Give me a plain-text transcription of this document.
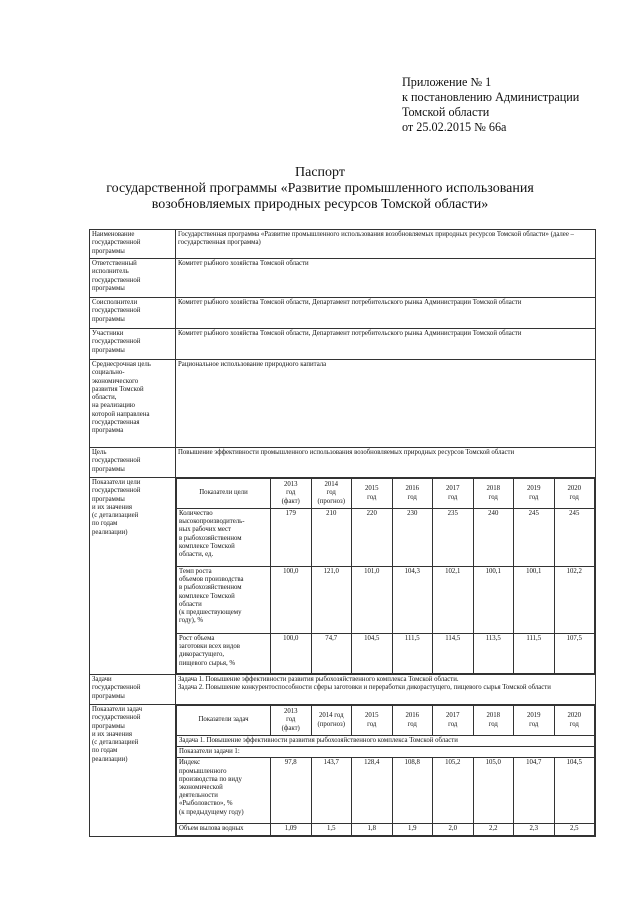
Приложение № 1
к постановлению Администрации
Томской области
от 25.02.2015 № 66а
Паспорт
государственной программы «Развитие промышленного использования
возобновляемых природных ресурсов Томской области»
Наименование
государственной
программы	Государственная программа «Развитие промышленного использования возобновляемых природных ресурсов Томской области» (далее – государственная программа)
Ответственный
исполнитель
государственной
программы	Комитет рыбного хозяйства Томской области
Соисполнители
государственной
программы	Комитет рыбного хозяйства Томской области, Департамент потребительского рынка Администрации Томской области
Участники
государственной
программы	Комитет рыбного хозяйства Томской области, Департамент потребительского рынка Администрации Томской области
Среднесрочная цель
социально-
экономического
развития Томской
области,
на реализацию
которой направлена
государственная
программа	Рациональное использование природного капитала
Цель
государственной
программы	Повышение эффективности промышленного использования возобновляемых природных ресурсов Томской области
Показатели цели
государственной
программы
и их значения
(с детализацией
по годам
реализации)	
Показатели цели	2013
год
(факт)	2014
год
(прогноз)	2015
год	2016
год	2017
год	2018
год	2019
год	2020
год
Количество
высокопроизводитель-
ных рабочих мест
в рыбохозяйственном
комплексе Томской
области, ед.	179	210	220	230	235	240	245	245
Темп роста
объемов производства
в рыбохозяйственном
комплексе Томской
области
(к предшествующему
году), %	100,0	121,0	101,0	104,3	102,1	100,1	100,1	102,2
Рост объема
заготовки всех видов
дикорастущего,
пищевого сырья, %	100,0	74,7	104,5	111,5	114,5	113,5	111,5	107,5

Задачи
государственной
программы	Задача 1. Повышение эффективности развития рыбохозяйственного комплекса Томской области.
Задача 2. Повышение конкурентоспособности сферы заготовки и переработки дикорастущего, пищевого сырья Томской области
Показатели задач
государственной
программы
и их значения
(с детализацией
по годам
реализации)	
Показатели задач	2013
год
(факт)	2014 год
(прогноз)	2015
год	2016
год	2017
год	2018
год	2019
год	2020
год
Задача 1. Повышение эффективности развития рыбохозяйственного комплекса Томской области
Показатели задачи 1:
Индекс
промышленного
производства по виду
экономической
деятельности
«Рыболовство», %
(к предыдущему году)	97,8	143,7	128,4	108,8	105,2	105,0	104,7	104,5
Объем вылова водных	1,09	1,5	1,8	1,9	2,0	2,2	2,3	2,5
